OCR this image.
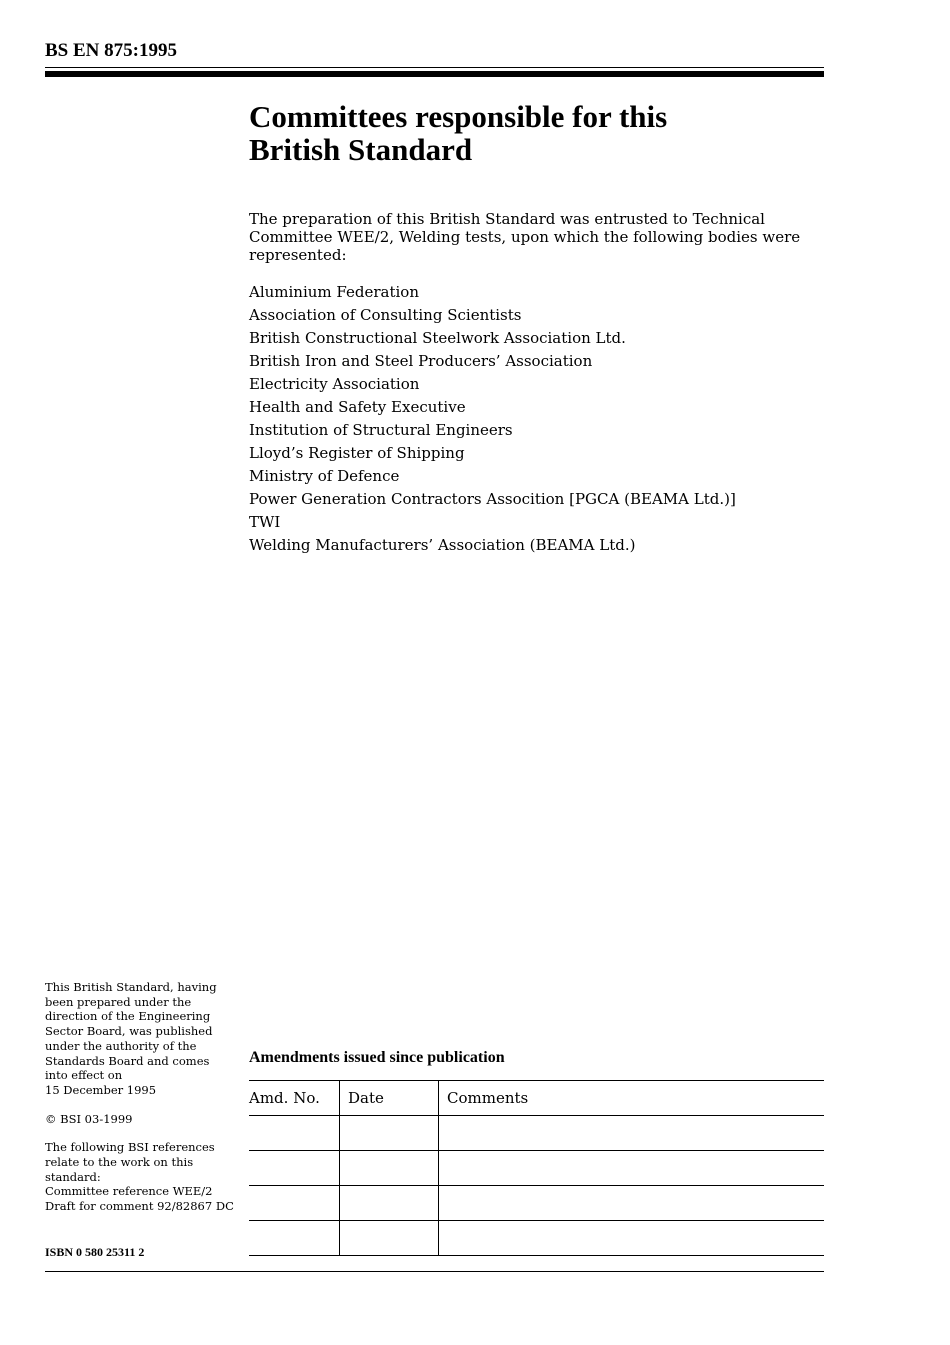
BS EN 875:1995
Committees responsible for this
British Standard
The preparation of this British Standard was entrusted to Technical Committee WEE/2, Welding tests, upon which the following bodies were represented:
Aluminium Federation
Association of Consulting Scientists
British Constructional Steelwork Association Ltd.
British Iron and Steel Producers’ Association
Electricity Association
Health and Safety Executive
Institution of Structural Engineers
Lloyd’s Register of Shipping
Ministry of Defence
Power Generation Contractors Assocition [PGCA (BEAMA Ltd.)]
TWI
Welding Manufacturers’ Association (BEAMA Ltd.)

This British Standard, having
been prepared under the
direction of the Engineering
Sector Board, was published
under the authority of the
Standards Board and comes
into effect on
15 December 1995

© BSI 03-1999

The following BSI references
relate to the work on this
standard:
Committee reference WEE/2
Draft for comment 92/82867 DC

ISBN 0 580 25311 2
Amendments issued since publication
Amd. No.	Date	Comments
